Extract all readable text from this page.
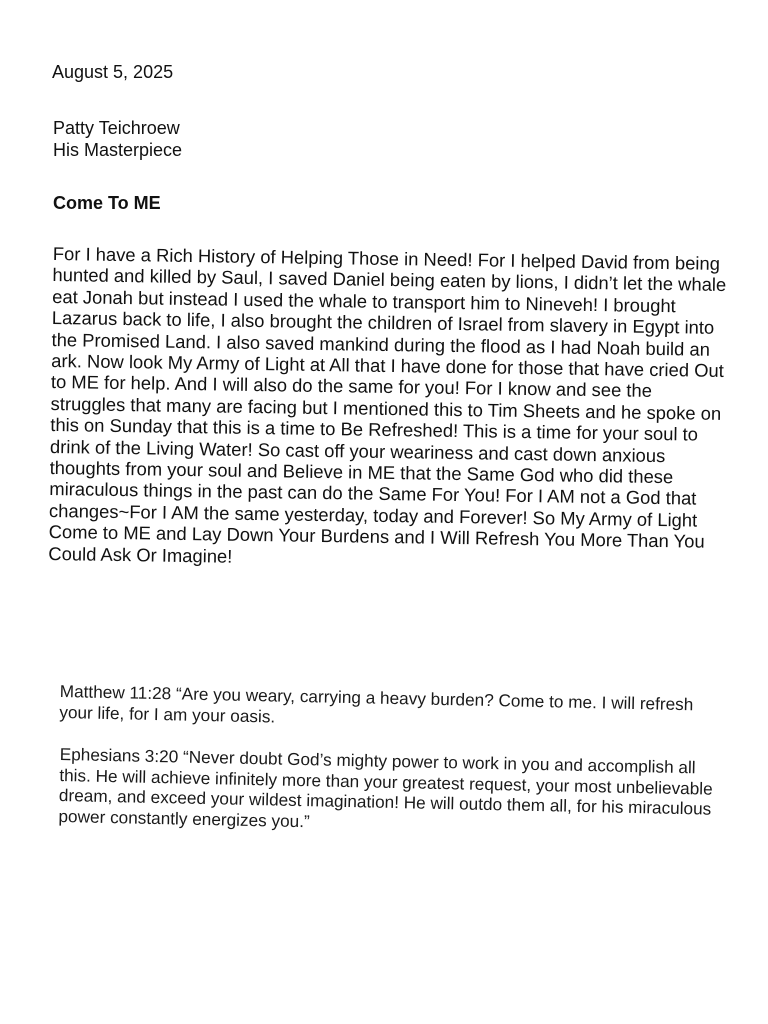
August 5, 2025
Patty Teichroew
His Masterpiece
Come To ME
For I have a Rich History of Helping Those in Need! For I helped David from being hunted and killed by Saul, I saved Daniel being eaten by lions, I didn’t let the whale eat Jonah but instead I used the whale to transport him to Nineveh! I brought Lazarus back to life, I also brought the children of Israel from slavery in Egypt into the Promised Land. I also saved mankind during the flood as I had Noah build an ark. Now look My Army of Light at All that I have done for those that have cried Out to ME for help. And I will also do the same for you! For I know and see the struggles that many are facing but I mentioned this to Tim Sheets and he spoke on this on Sunday that this is a time to Be Refreshed! This is a time for your soul to drink of the Living Water! So cast off your weariness and cast down anxious thoughts from your soul and Believe in ME that the Same God who did these miraculous things in the past can do the Same For You! For I AM not a God that changes~For I AM the same yesterday, today and Forever! So My Army of Light Come to ME and Lay Down Your Burdens and I Will Refresh You More Than You Could Ask Or Imagine!
Matthew 11:28 “Are you weary, carrying a heavy burden? Come to me. I will refresh your life, for I am your oasis.
Ephesians 3:20 “Never doubt God’s mighty power to work in you and accomplish all this. He will achieve infinitely more than your greatest request, your most unbelievable dream, and exceed your wildest imagination! He will outdo them all, for his miraculous power constantly energizes you.”
